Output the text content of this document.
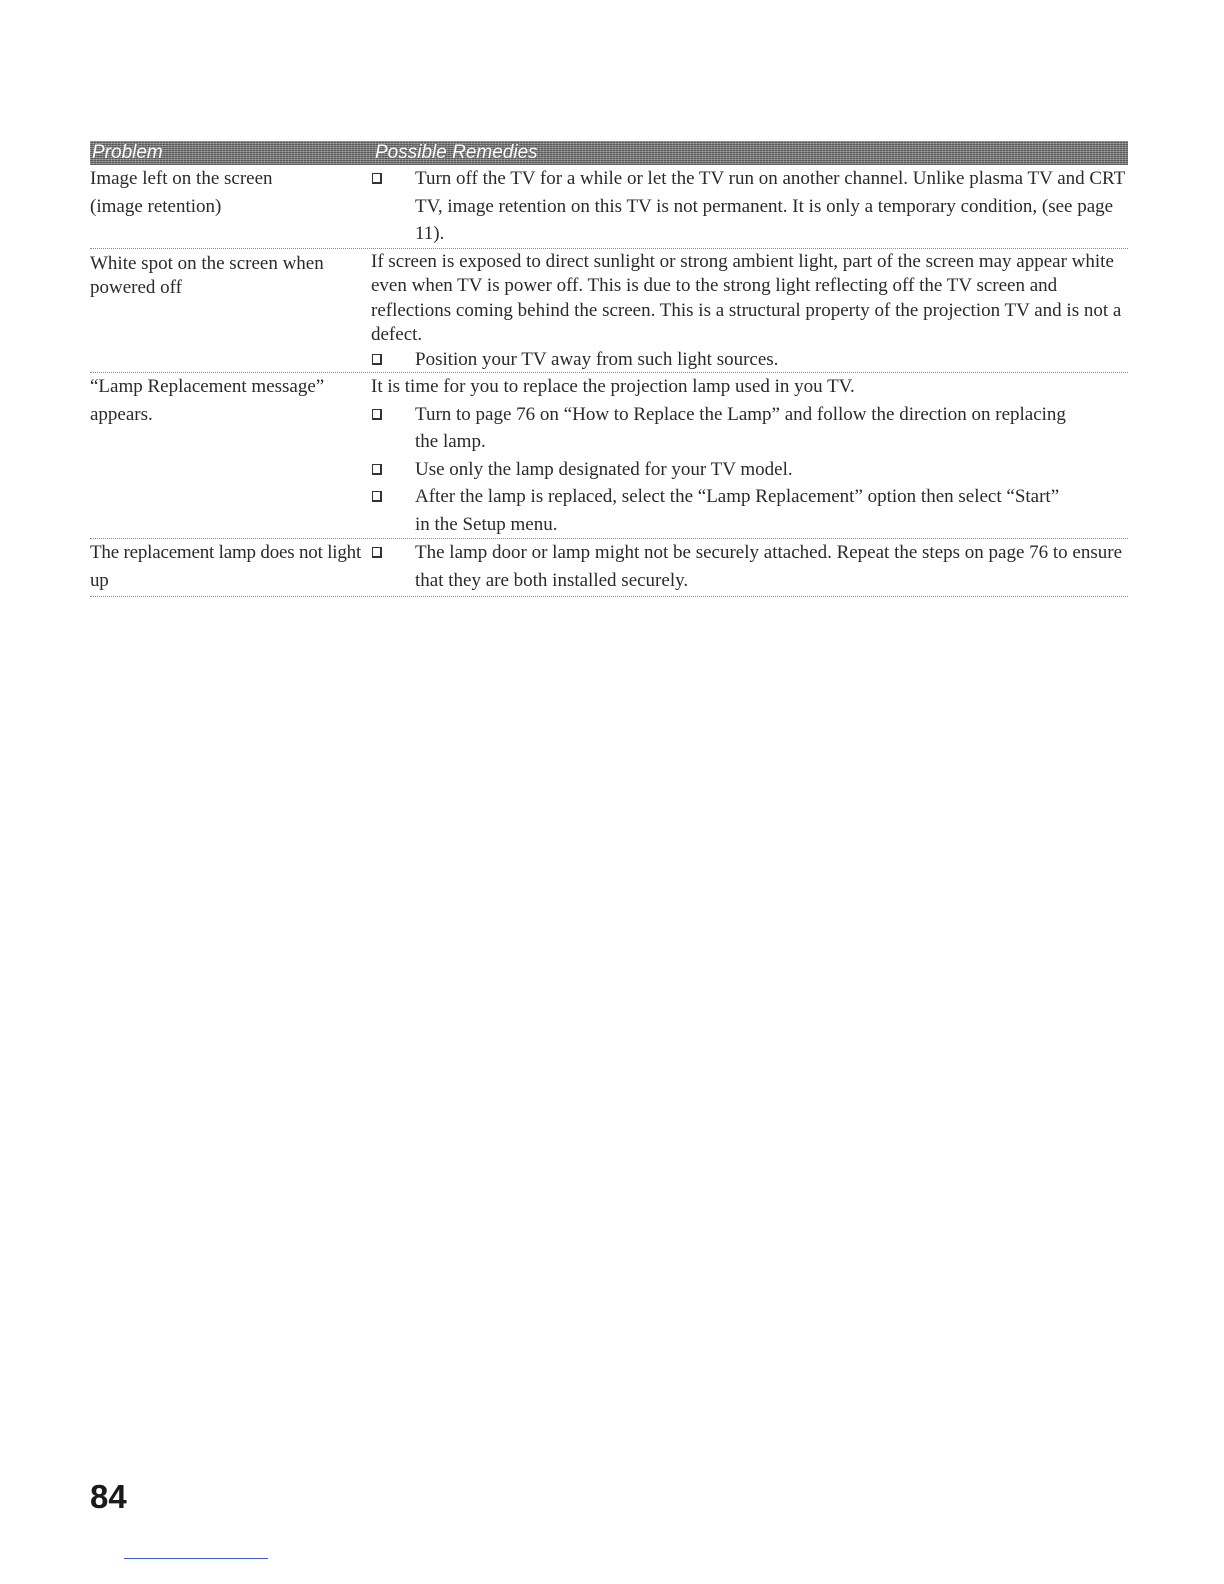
Problem	Possible Remedies
Image left on the screen (image retention)
Turn off the TV for a while or let the TV run on another channel. Unlike plasma TV and CRT TV, image retention on this TV is not permanent. It is only a temporary condition, (see page 11).
White spot on the screen when powered off
If screen is exposed to direct sunlight or strong ambient light, part of the screen may appear white even when TV is power off. This is due to the strong light reflecting off the TV screen and reflections coming behind the screen. This is a structural property of the projection TV and is not a defect.
Position your TV away from such light sources.
“Lamp Replacement message” appears.
It is time for you to replace the projection lamp used in you TV.
Turn to page 76 on “How to Replace the Lamp” and follow the direction on replacing the lamp.
Use only the lamp designated for your TV model.
After the lamp is replaced, select the “Lamp Replacement” option then select “Start” in the Setup menu.
The replacement lamp does not light up
The lamp door or lamp might not be securely attached. Repeat the steps on page 76 to ensure that they are both installed securely.
84
